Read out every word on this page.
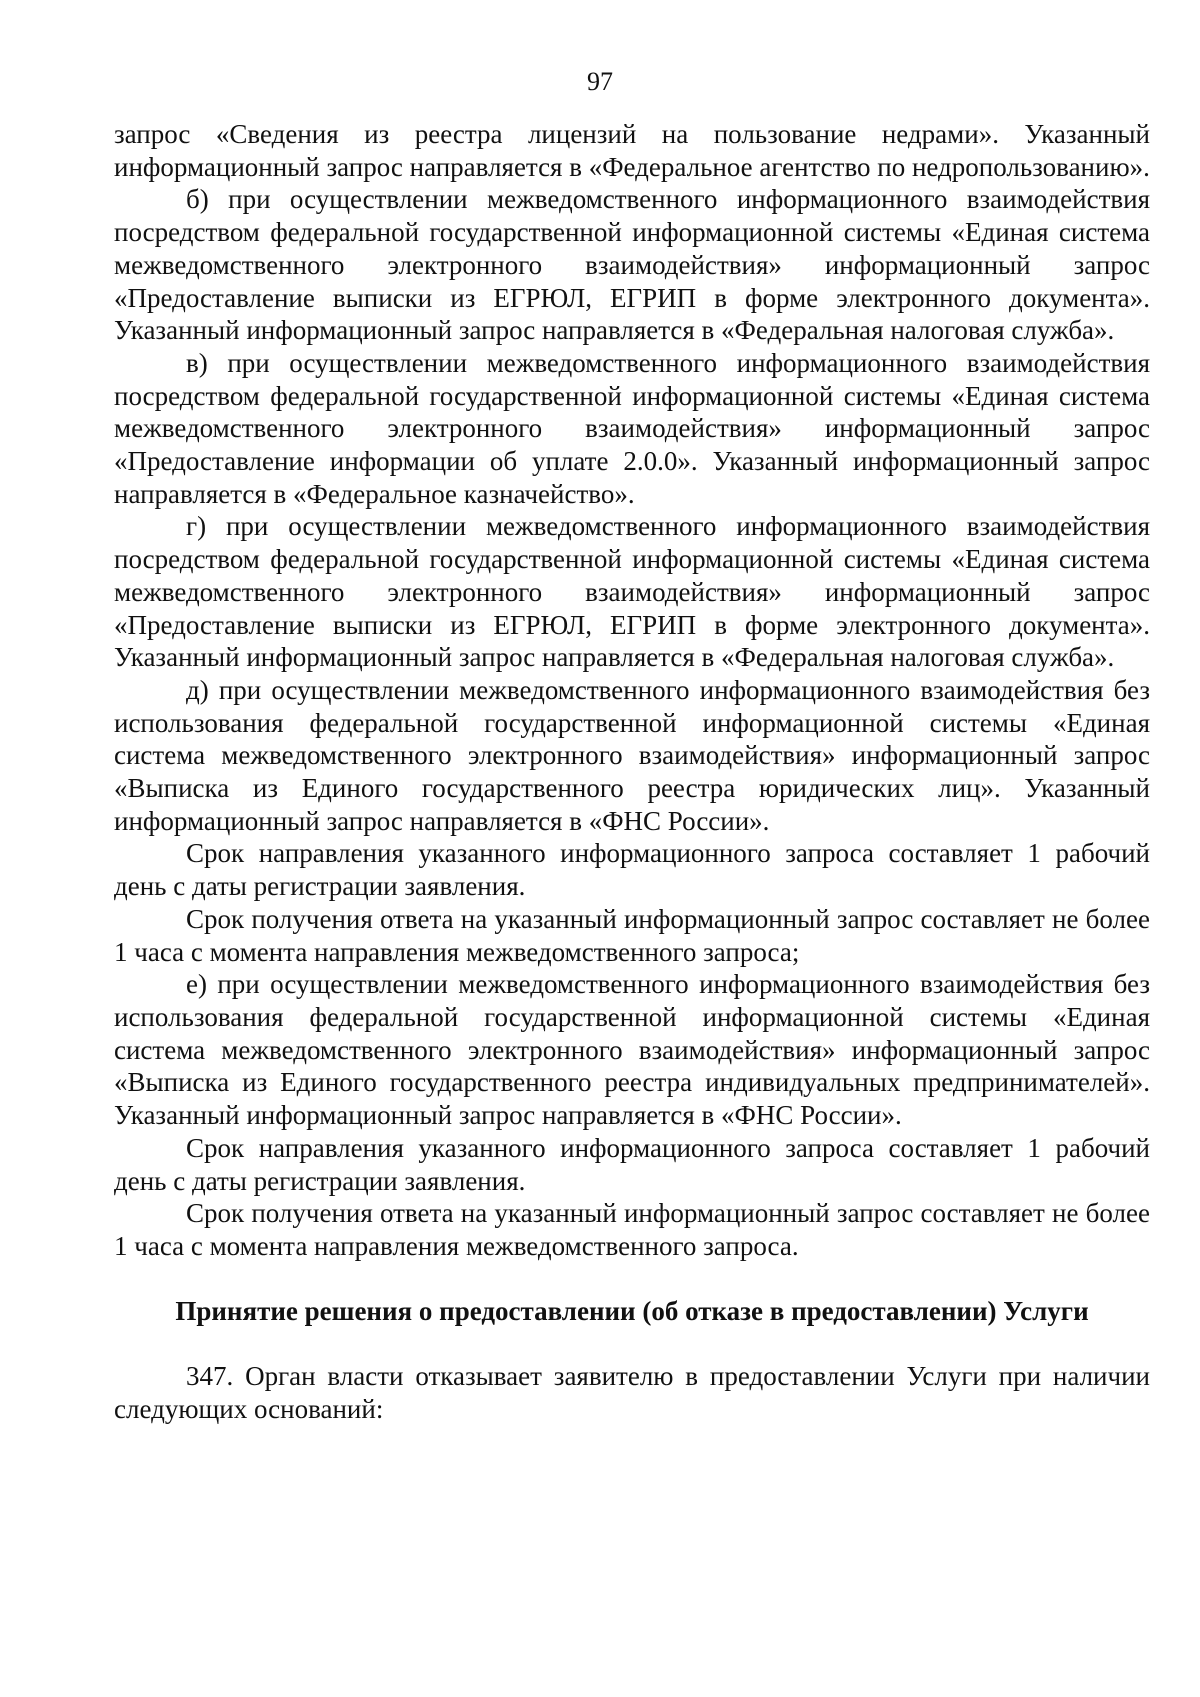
97

запрос «Сведения из реестра лицензий на пользование недрами». Указанный информационный запрос направляется в «Федеральное агентство по недропользованию».

б) при осуществлении межведомственного информационного взаимодействия посредством федеральной государственной информационной системы «Единая система межведомственного электронного взаимодействия» информационный запрос «Предоставление выписки из ЕГРЮЛ, ЕГРИП в форме электронного документа». Указанный информационный запрос направляется в «Федеральная налоговая служба».

в) при осуществлении межведомственного информационного взаимодействия посредством федеральной государственной информационной системы «Единая система межведомственного электронного взаимодействия» информационный запрос «Предоставление информации об уплате 2.0.0». Указанный информационный запрос направляется в «Федеральное казначейство».

г) при осуществлении межведомственного информационного взаимодействия посредством федеральной государственной информационной системы «Единая система межведомственного электронного взаимодействия» информационный запрос «Предоставление выписки из ЕГРЮЛ, ЕГРИП в форме электронного документа». Указанный информационный запрос направляется в «Федеральная налоговая служба».

д) при осуществлении межведомственного информационного взаимодействия без использования федеральной государственной информационной системы «Единая система межведомственного электронного взаимодействия» информационный запрос «Выписка из Единого государственного реестра юридических лиц». Указанный информационный запрос направляется в «ФНС России».

Срок направления указанного информационного запроса составляет 1 рабочий день с даты регистрации заявления.

Срок получения ответа на указанный информационный запрос составляет не более 1 часа с момента направления межведомственного запроса;

е) при осуществлении межведомственного информационного взаимодействия без использования федеральной государственной информационной системы «Единая система межведомственного электронного взаимодействия» информационный запрос «Выписка из Единого государственного реестра индивидуальных предпринимателей». Указанный информационный запрос направляется в «ФНС России».

Срок направления указанного информационного запроса составляет 1 рабочий день с даты регистрации заявления.

Срок получения ответа на указанный информационный запрос составляет не более 1 часа с момента направления межведомственного запроса.

Принятие решения о предоставлении (об отказе в предоставлении) Услуги

347. Орган власти отказывает заявителю в предоставлении Услуги при наличии следующих оснований:
